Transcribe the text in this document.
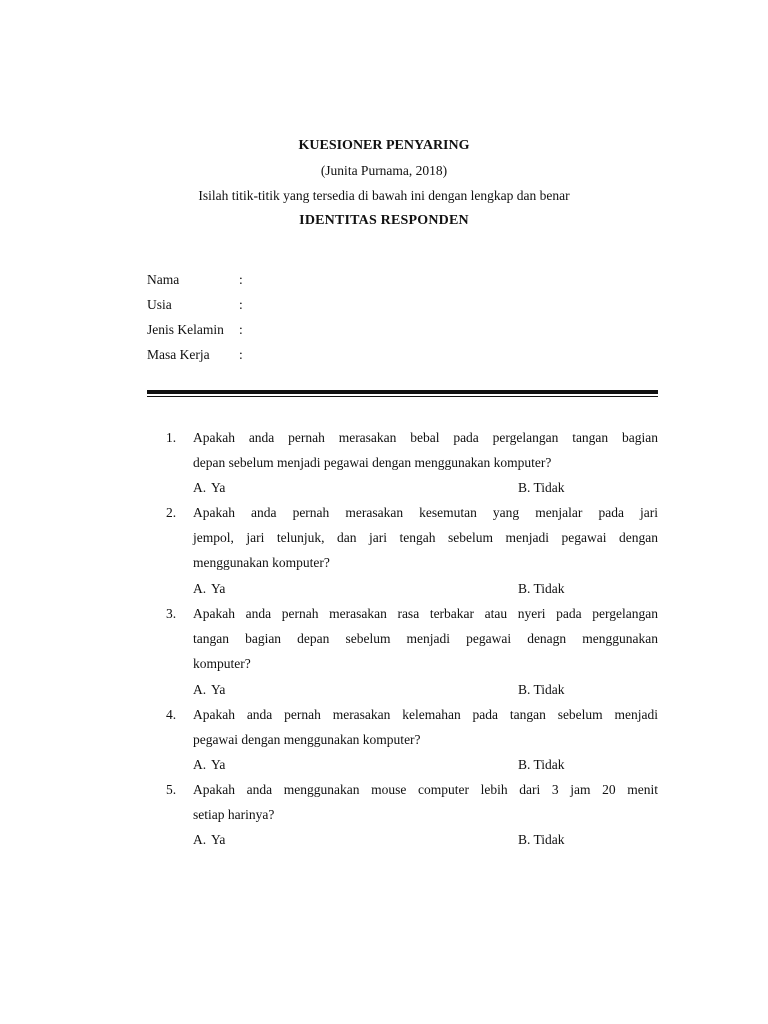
KUESIONER PENYARING
(Junita Purnama, 2018)
Isilah titik-titik yang tersedia di bawah ini dengan lengkap dan benar
IDENTITAS RESPONDEN
Nama	:
Usia	:
Jenis Kelamin :
Masa Kerja :
1.	Apakah anda pernah merasakan bebal pada pergelangan tangan bagian
depan sebelum menjadi pegawai dengan menggunakan komputer?
A. Ya	B. Tidak
2.	Apakah anda pernah merasakan kesemutan yang menjalar pada jari
jempol, jari telunjuk, dan jari tengah sebelum menjadi pegawai dengan
menggunakan komputer?
A. Ya	B. Tidak
3.	Apakah anda pernah merasakan rasa terbakar atau nyeri pada pergelangan
tangan bagian depan sebelum menjadi pegawai denagn menggunakan
komputer?
A. Ya	B. Tidak
4.	Apakah anda pernah merasakan kelemahan pada tangan sebelum menjadi
pegawai dengan menggunakan komputer?
A. Ya	B. Tidak
5.	Apakah anda menggunakan mouse computer lebih dari 3 jam 20 menit
setiap harinya?
A. Ya	B. Tidak
